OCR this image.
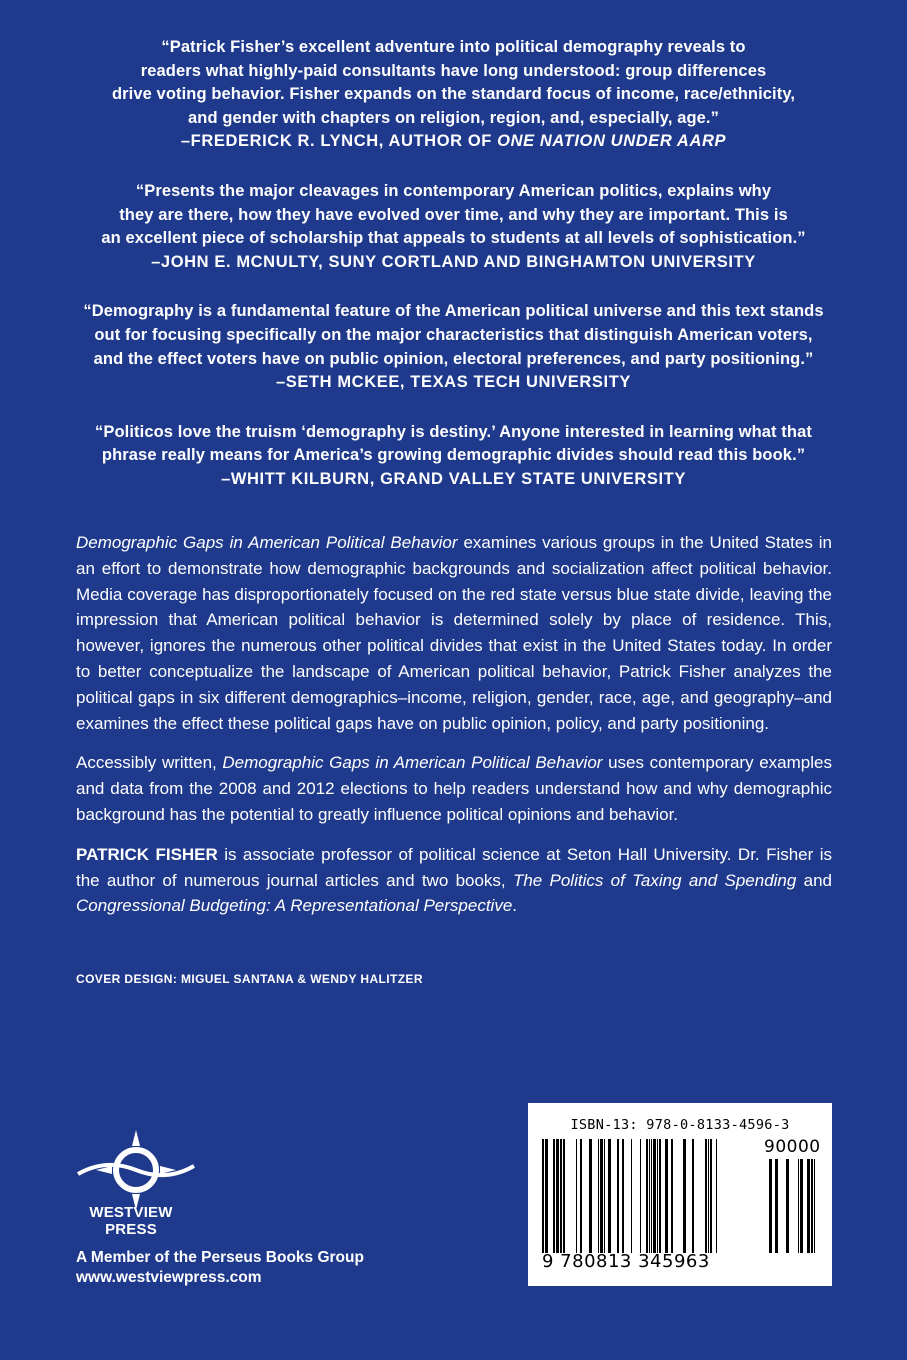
“Patrick Fisher’s excellent adventure into political demography reveals to
readers what highly-paid consultants have long understood: group differences
drive voting behavior. Fisher expands on the standard focus of income, race/ethnicity,
and gender with chapters on religion, region, and, especially, age.”
–FREDERICK R. LYNCH, AUTHOR OF ONE NATION UNDER AARP
“Presents the major cleavages in contemporary American politics, explains why
they are there, how they have evolved over time, and why they are important. This is
an excellent piece of scholarship that appeals to students at all levels of sophistication.”
–JOHN E. MCNULTY, SUNY CORTLAND AND BINGHAMTON UNIVERSITY
“Demography is a fundamental feature of the American political universe and this text stands
out for focusing specifically on the major characteristics that distinguish American voters,
and the effect voters have on public opinion, electoral preferences, and party positioning.”
–SETH MCKEE, TEXAS TECH UNIVERSITY
“Politicos love the truism ‘demography is destiny.’ Anyone interested in learning what that
phrase really means for America’s growing demographic divides should read this book.”
–WHITT KILBURN, GRAND VALLEY STATE UNIVERSITY

Demographic Gaps in American Political Behavior examines various groups in the United States in an effort to demonstrate how demographic backgrounds and socialization affect political behavior. Media coverage has disproportionately focused on the red state versus blue state divide, leaving the impression that American political behavior is determined solely by place of residence. This, however, ignores the numerous other political divides that exist in the United States today. In order to better conceptualize the landscape of American political behavior, Patrick Fisher analyzes the political gaps in six different demographics–income, religion, gender, race, age, and geography–and examines the effect these political gaps have on public opinion, policy, and party positioning.

Accessibly written, Demographic Gaps in American Political Behavior uses contemporary examples and data from the 2008 and 2012 elections to help readers understand how and why demographic background has the potential to greatly influence political opinions and behavior.

PATRICK FISHER is associate professor of political science at Seton Hall University. Dr. Fisher is the author of numerous journal articles and two books, The Politics of Taxing and Spending and Congressional Budgeting: A Representational Perspective.

COVER DESIGN: MIGUEL SANTANA & WENDY HALITZER
WESTVIEW
PRESS
A Member of the Perseus Books Group
www.westviewpress.com
ISBN-13: 978-0-8133-4596-3
90000
9 780813 345963
